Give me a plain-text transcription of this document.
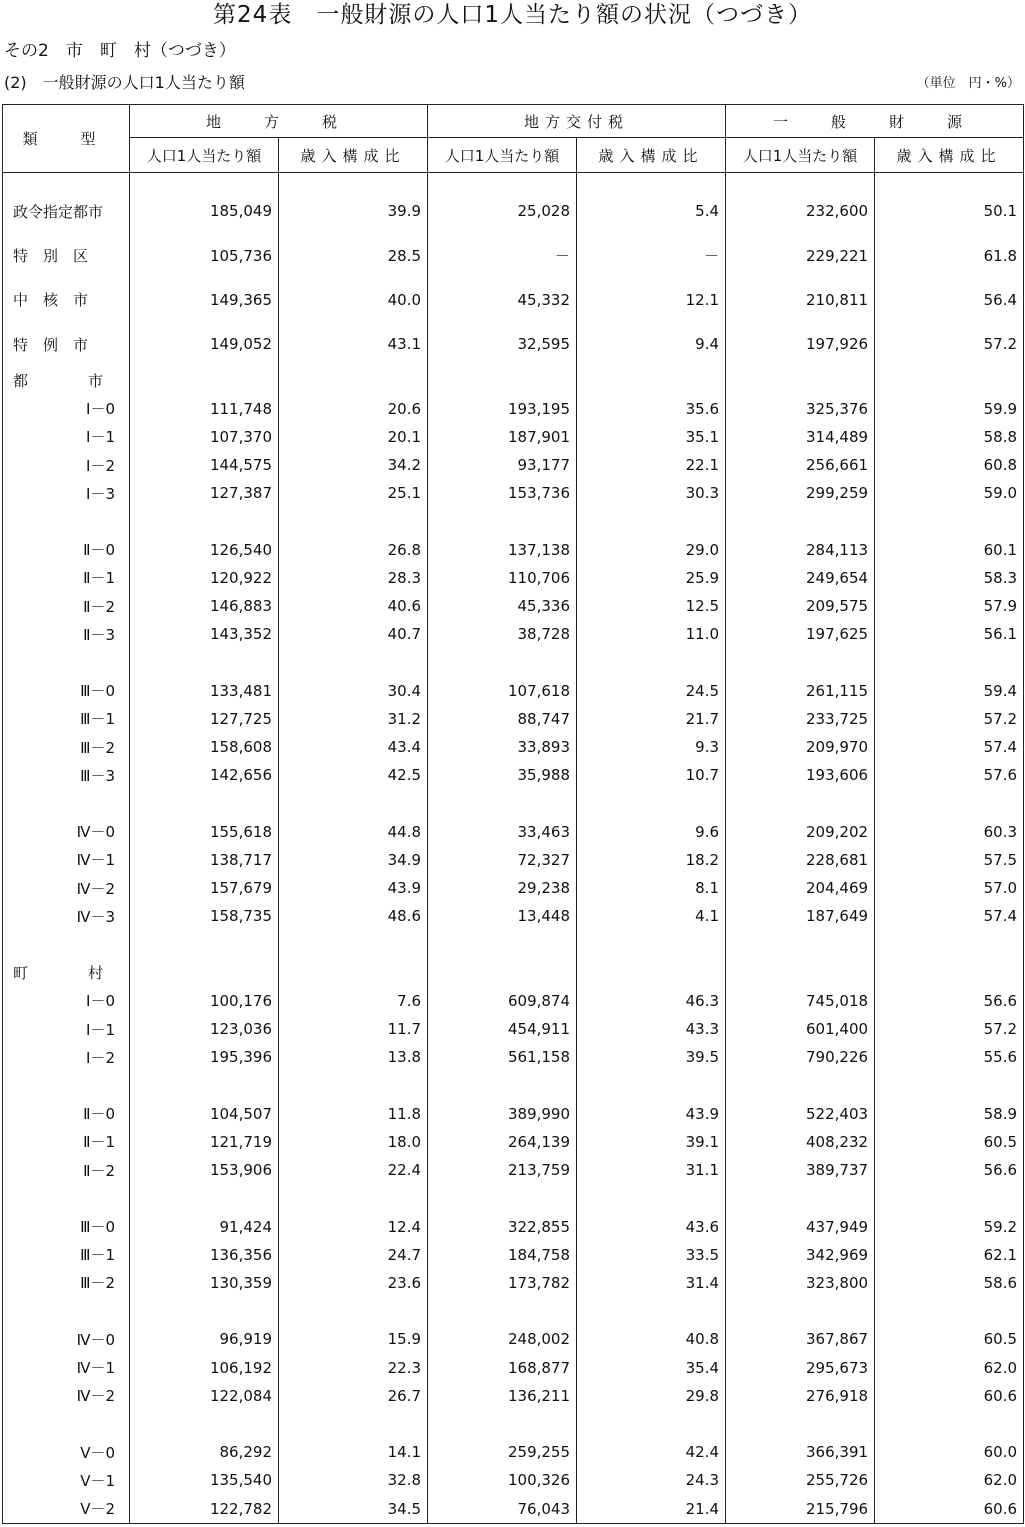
第24表　一般財源の人口1人当たり額の状況（つづき）
その2　市　町　村（つづき）
(2)　一般財源の人口1人当たり額	（単位　円・%）
類　型	地　方　税		地方交付税		一　般　財　源	
	人口1人当たり額	歳入構成比	人口1人当たり額	歳入構成比	人口1人当たり額	歳入構成比

政令指定都市	185,049	39.9	25,028	5.4	232,600	50.1
特　別　区	105,736	28.5	－	－	229,221	61.8
中　核　市	149,365	40.0	45,332	12.1	210,811	56.4
特　例　市	149,052	43.1	32,595	9.4	197,926	57.2
都　　　　市						
Ⅰ－0	111,748	20.6	193,195	35.6	325,376	59.9
Ⅰ－1	107,370	20.1	187,901	35.1	314,489	58.8
Ⅰ－2	144,575	34.2	93,177	22.1	256,661	60.8
Ⅰ－3	127,387	25.1	153,736	30.3	299,259	59.0

Ⅱ－0	126,540	26.8	137,138	29.0	284,113	60.1
Ⅱ－1	120,922	28.3	110,706	25.9	249,654	58.3
Ⅱ－2	146,883	40.6	45,336	12.5	209,575	57.9
Ⅱ－3	143,352	40.7	38,728	11.0	197,625	56.1

Ⅲ－0	133,481	30.4	107,618	24.5	261,115	59.4
Ⅲ－1	127,725	31.2	88,747	21.7	233,725	57.2
Ⅲ－2	158,608	43.4	33,893	9.3	209,970	57.4
Ⅲ－3	142,656	42.5	35,988	10.7	193,606	57.6

Ⅳ－0	155,618	44.8	33,463	9.6	209,202	60.3
Ⅳ－1	138,717	34.9	72,327	18.2	228,681	57.5
Ⅳ－2	157,679	43.9	29,238	8.1	204,469	57.0
Ⅳ－3	158,735	48.6	13,448	4.1	187,649	57.4

町　　　　村						
Ⅰ－0	100,176	7.6	609,874	46.3	745,018	56.6
Ⅰ－1	123,036	11.7	454,911	43.3	601,400	57.2
Ⅰ－2	195,396	13.8	561,158	39.5	790,226	55.6

Ⅱ－0	104,507	11.8	389,990	43.9	522,403	58.9
Ⅱ－1	121,719	18.0	264,139	39.1	408,232	60.5
Ⅱ－2	153,906	22.4	213,759	31.1	389,737	56.6

Ⅲ－0	91,424	12.4	322,855	43.6	437,949	59.2
Ⅲ－1	136,356	24.7	184,758	33.5	342,969	62.1
Ⅲ－2	130,359	23.6	173,782	31.4	323,800	58.6

Ⅳ－0	96,919	15.9	248,002	40.8	367,867	60.5
Ⅳ－1	106,192	22.3	168,877	35.4	295,673	62.0
Ⅳ－2	122,084	26.7	136,211	29.8	276,918	60.6

Ⅴ－0	86,292	14.1	259,255	42.4	366,391	60.0
Ⅴ－1	135,540	32.8	100,326	24.3	255,726	62.0
Ⅴ－2	122,782	34.5	76,043	21.4	215,796	60.6
